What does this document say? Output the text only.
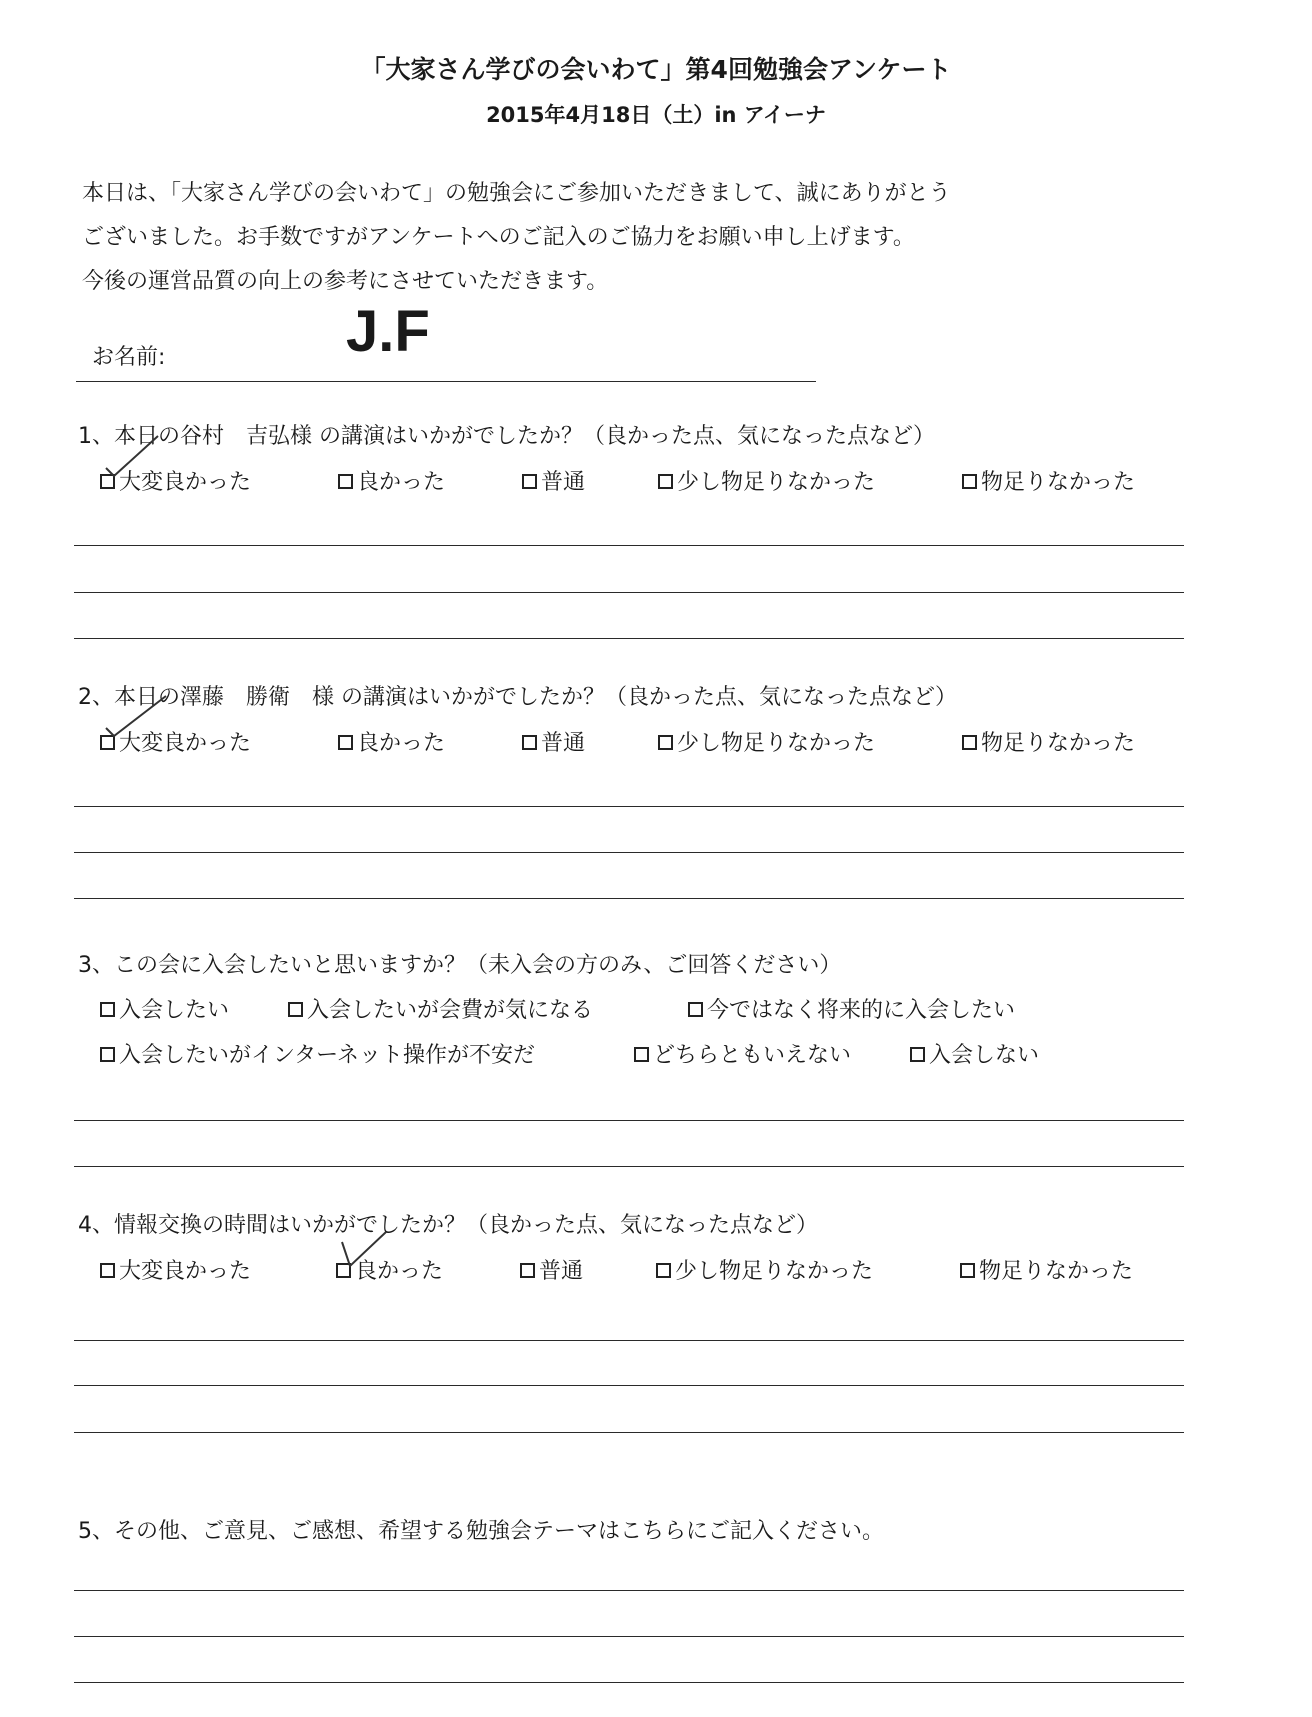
「大家さん学びの会いわて」第4回勉強会アンケート
2015年4月18日（土）in アイーナ
本日は、「大家さん学びの会いわて」の勉強会にご参加いただきまして、誠にありがとう
ございました。お手数ですがアンケートへのご記入のご協力をお願い申し上げます。
今後の運営品質の向上の参考にさせていただきます。
お名前:	J.F
1、本日の谷村　吉弘様 の講演はいかがでしたか？（良かった点、気になった点など）
大変良かった	良かった	普通	少し物足りなかった	物足りなかった
2、本日の澤藤　勝衛　様 の講演はいかがでしたか？（良かった点、気になった点など）
大変良かった	良かった	普通	少し物足りなかった	物足りなかった
3、この会に入会したいと思いますか？（未入会の方のみ、ご回答ください）
入会したい	入会したいが会費が気になる	今ではなく将来的に入会したい
入会したいがインターネット操作が不安だ	どちらともいえない	入会しない
4、情報交換の時間はいかがでしたか？（良かった点、気になった点など）
大変良かった	良かった	普通	少し物足りなかった	物足りなかった
5、その他、ご意見、ご感想、希望する勉強会テーマはこちらにご記入ください。
